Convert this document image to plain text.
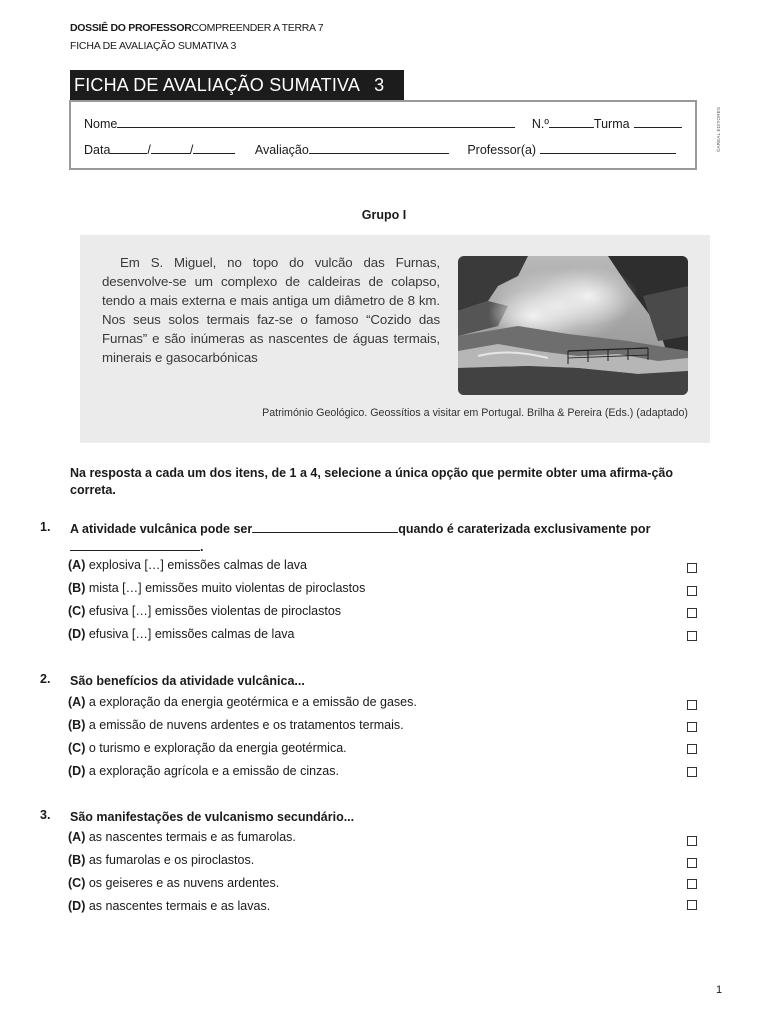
DOSSIÊ DO PROFESSORCOMPREENDER A TERRA 7
FICHA DE AVALIAÇÃO SUMATIVA 3
FICHA DE AVALIAÇÃO SUMATIVA 3
Nome	N.º	Turma
Data	/	/	Avaliação	Professor(a)	©AREAL EDITORES
Grupo I

Em S. Miguel, no topo do vulcão das Furnas, desenvolve-se um complexo de caldeiras de colapso, tendo a mais externa e mais antiga um diâmetro de 8 km. Nos seus solos termais faz-se o famoso “Cozido das Furnas” e são inúmeras as nascentes de águas termais, minerais e gasocarbónicas

Património Geológico. Geossítios a visitar em Portugal. Brilha & Pereira (Eds.) (adaptado)
Na resposta a cada um dos itens, de 1 a 4, selecione a única opção que permite obter uma afirma-ção correta.
1. A atividade vulcânica pode ser	quando é caraterizada exclusivamente por
.
(A) explosiva […] emissões calmas de lava
(B) mista […] emissões muito violentas de piroclastos
(C) efusiva […] emissões violentas de piroclastos
(D) efusiva […] emissões calmas de lava
2. São benefícios da atividade vulcânica...
(A) a exploração da energia geotérmica e a emissão de gases.
(B) a emissão de nuvens ardentes e os tratamentos termais.
(C) o turismo e exploração da energia geotérmica.
(D) a exploração agrícola e a emissão de cinzas.
3. São manifestações de vulcanismo secundário...
(A) as nascentes termais e as fumarolas.
(B) as fumarolas e os piroclastos.
(C) os geiseres e as nuvens ardentes.
(D) as nascentes termais e as lavas.
1
